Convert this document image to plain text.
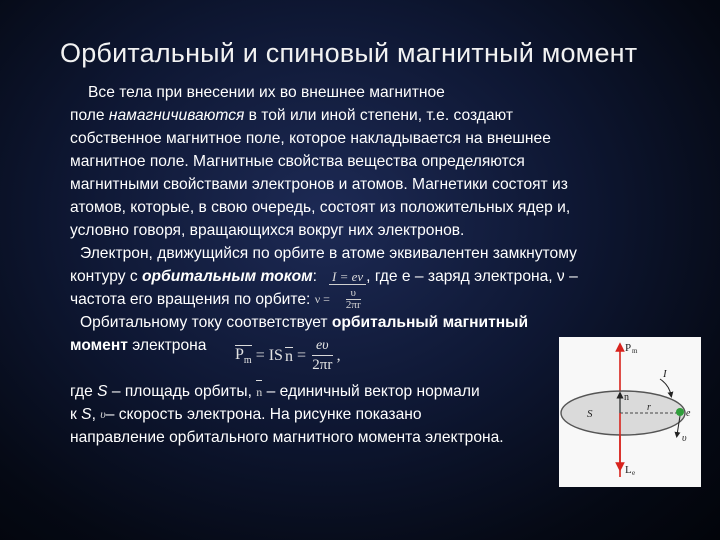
Орбитальный и спиновый магнитный момент
Все тела при внесении их во внешнее магнитное
поле намагничиваются в той или иной степени, т.е. создают
собственное магнитное поле, которое накладывается на внешнее
магнитное поле. Магнитные свойства вещества определяются
магнитными свойствами электронов и атомов. Магнетики состоят из
атомов, которые, в свою очередь, состоят из положительных ядер и,
условно говоря, вращающихся вокруг них электронов.
Электрон, движущийся по орбите в атоме эквивалентен замкнутому
контуру с орбитальным током: I = eν , где e – заряд электрона, ν –
частота его вращения по орбите: $\nu = \frac{\upsilon}{2\pi r}$
Орбитальному току соответствует орбитальный магнитный
момент электрона
где S – площадь орбиты, n – единичный вектор нормали
к S, υ– скорость электрона. На рисунке показано
направление орбитального магнитного момента электрона.
$P_m$ = IS $n = \frac{e\upsilon}{2\pi r}$ ,	P m
n
I
S
r
e
υ
L e
